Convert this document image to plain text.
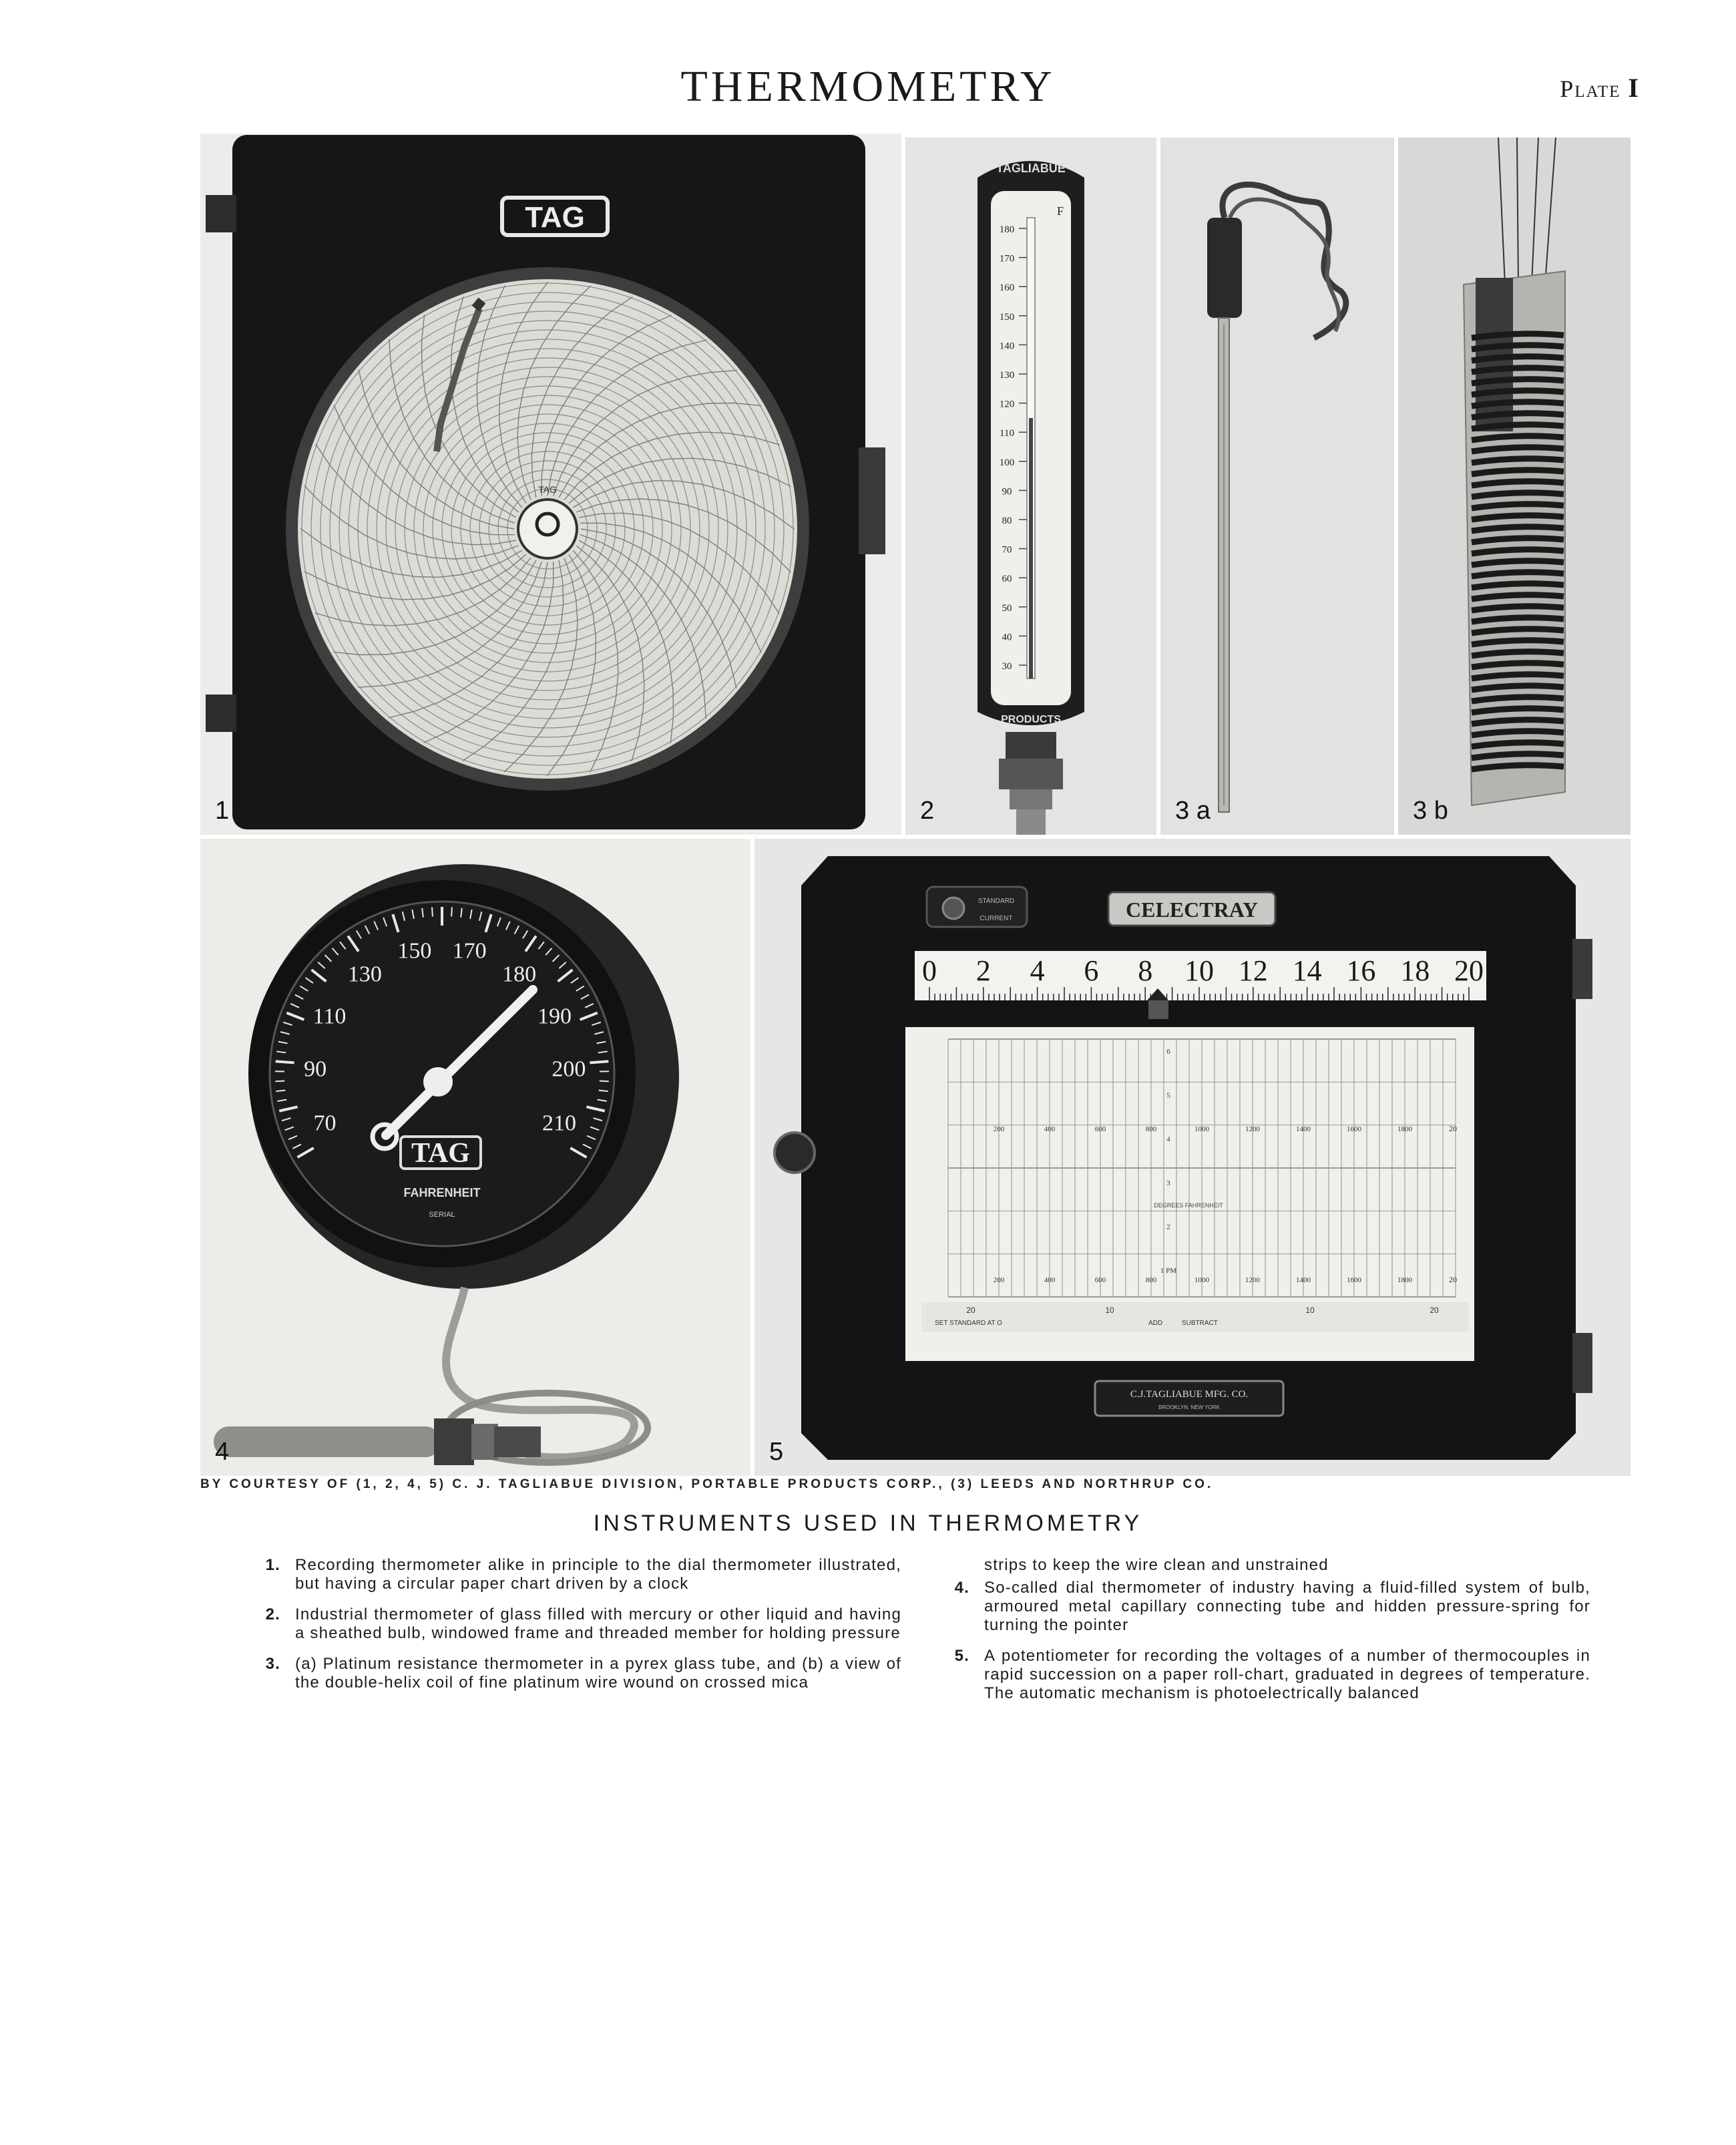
THERMOMETRY	Plate I
TAG
TAG
1
TAGLIABUE
F
180
170
160
150
140
130
120
110
100
90
80
70
60
50
40
30
PRODUCTS
2	3 a	3 b
70
90
110
130
150 170
180
190
200
210
TAG
FAHRENHEIT
SERIAL
4
STANDARD
CURRENT	CELECTRAY
0 2 4 6 8 10 12 14 16 18 20
200	400	600	800	1000	1200	1400	1600	1800	20
200	400	600	800	1000	1200	1400	1600	1800	20
6
5
4
3
2
1 PM
DEGREES FAHRENHEIT
20	10	10	20
SET STANDARD AT O	ADD	SUBTRACT
C.J.TAGLIABUE MFG. CO.
BROOKLYN, NEW YORK
5
BY COURTESY OF (1, 2, 4, 5) C. J. TAGLIABUE DIVISION, PORTABLE PRODUCTS CORP., (3) LEEDS AND NORTHRUP CO.
INSTRUMENTS USED IN THERMOMETRY
1. Recording thermometer alike in principle to the dial thermometer illustrated, but having a circular paper chart driven by a clock
2. Industrial thermometer of glass filled with mercury or other liquid and having a sheathed bulb, windowed frame and threaded member for holding pressure
3. (a) Platinum resistance thermometer in a pyrex glass tube, and (b) a view of the double-helix coil of fine platinum wire wound on crossed mica
strips to keep the wire clean and unstrained
4. So-called dial thermometer of industry having a fluid-filled system of bulb, armoured metal capillary connecting tube and hidden pressure-spring for turning the pointer
5. A potentiometer for recording the voltages of a number of thermocouples in rapid succession on a paper roll-chart, graduated in degrees of temperature. The automatic mechanism is photoelectrically balanced
